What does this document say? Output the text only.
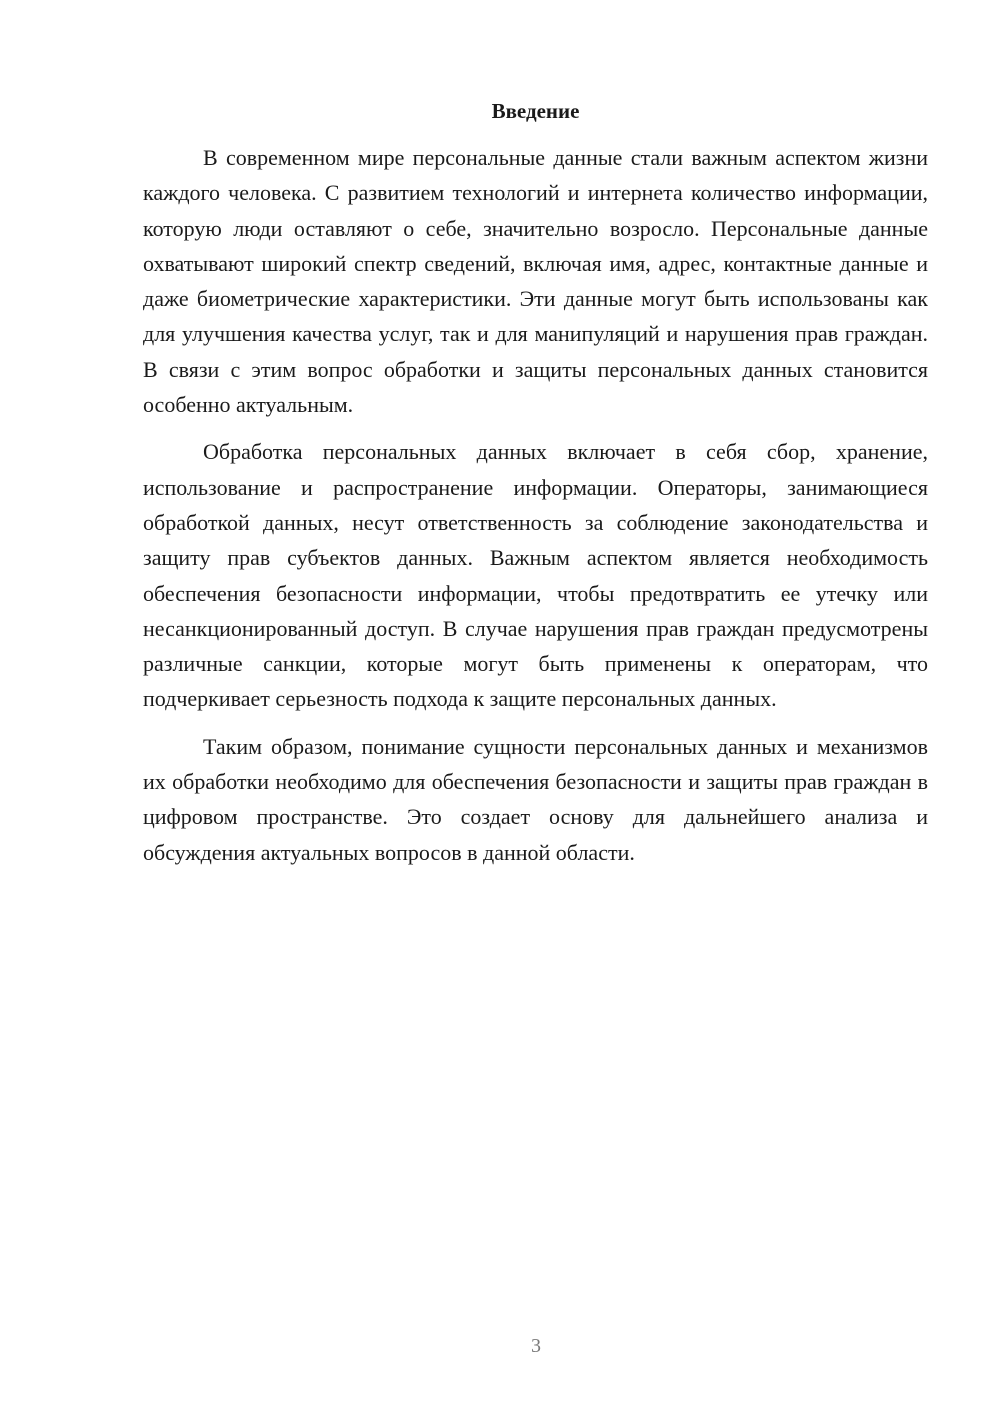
Введение

В современном мире персональные данные стали важным аспектом жизни каждого человека. С развитием технологий и интернета количество информации, которую люди оставляют о себе, значительно возросло. Персональные данные охватывают широкий спектр сведений, включая имя, адрес, контактные данные и даже биометрические характеристики. Эти данные могут быть использованы как для улучшения качества услуг, так и для манипуляций и нарушения прав граждан. В связи с этим вопрос обработки и защиты персональных данных становится особенно актуальным.

Обработка персональных данных включает в себя сбор, хранение, использование и распространение информации. Операторы, занимающиеся обработкой данных, несут ответственность за соблюдение законодательства и защиту прав субъектов данных. Важным аспектом является необходимость обеспечения безопасности информации, чтобы предотвратить ее утечку или несанкционированный доступ. В случае нарушения прав граждан предусмотрены различные санкции, которые могут быть применены к операторам, что подчеркивает серьезность подхода к защите персональных данных.

Таким образом, понимание сущности персональных данных и механизмов их обработки необходимо для обеспечения безопасности и защиты прав граждан в цифровом пространстве. Это создает основу для дальнейшего анализа и обсуждения актуальных вопросов в данной области.

3
